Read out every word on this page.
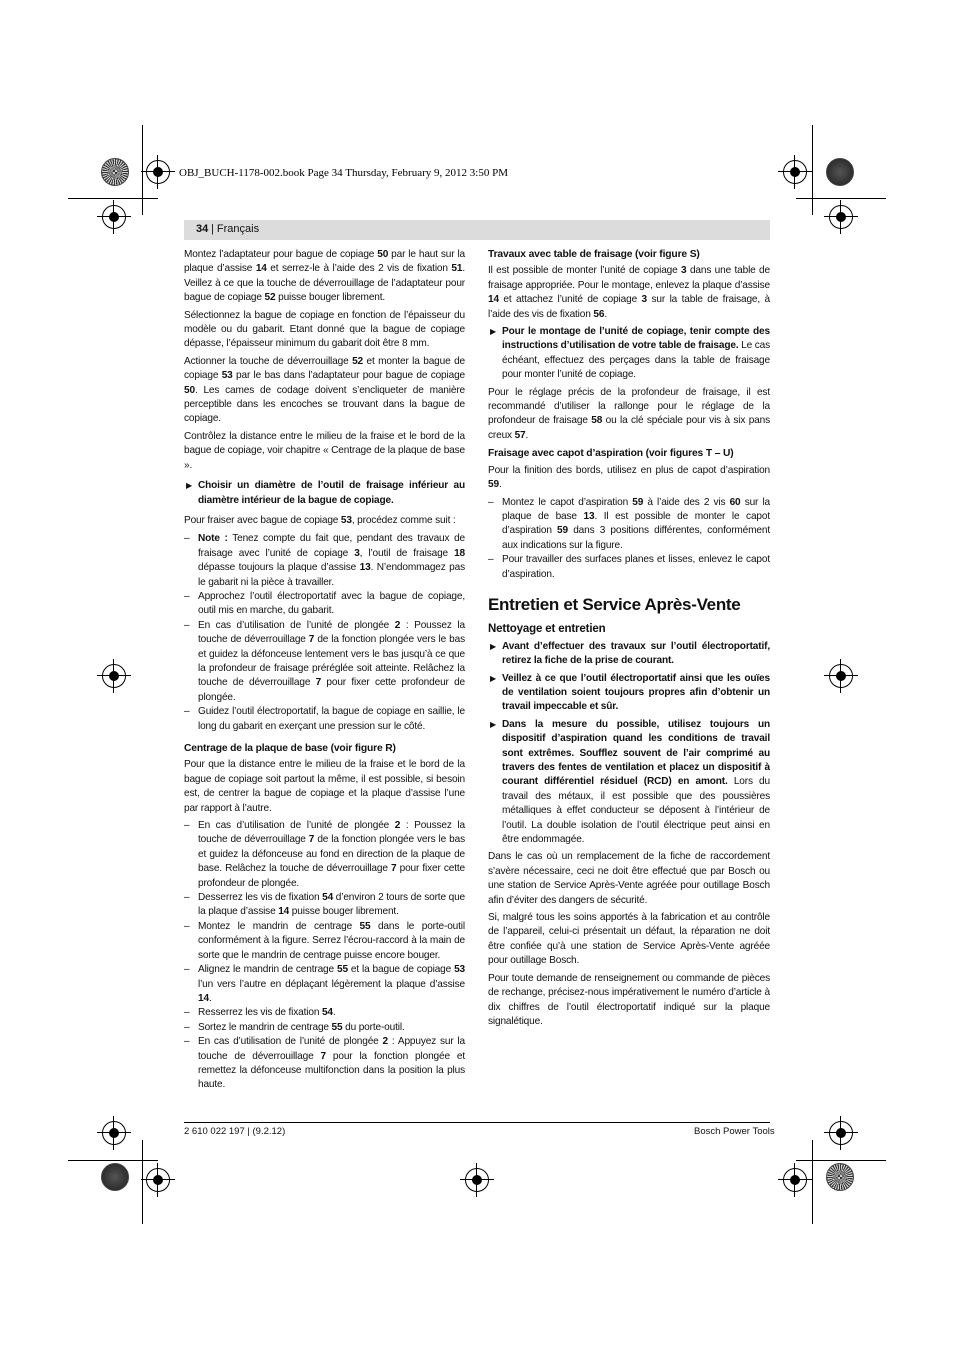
OBJ_BUCH-1178-002.book Page 34 Thursday, February 9, 2012 3:50 PM
34 | Français

Montez l’adaptateur pour bague de copiage 50 par le haut sur la plaque d’assise 14 et serrez-le à l’aide des 2 vis de fixation 51. Veillez à ce que la touche de déverrouillage de l’adaptateur pour bague de copiage 52 puisse bouger librement.

Sélectionnez la bague de copiage en fonction de l’épaisseur du modèle ou du gabarit. Etant donné que la bague de copiage dépasse, l’épaisseur minimum du gabarit doit être 8 mm.

Actionner la touche de déverrouillage 52 et monter la bague de copiage 53 par le bas dans l’adaptateur pour bague de copiage 50. Les cames de codage doivent s’encliqueter de manière perceptible dans les encoches se trouvant dans la bague de copiage.

Contrôlez la distance entre le milieu de la fraise et le bord de la bague de copiage, voir chapitre « Centrage de la plaque de base ».

▶ Choisir un diamètre de l’outil de fraisage inférieur au diamètre intérieur de la bague de copiage.

Pour fraiser avec bague de copiage 53, procédez comme suit :

– Note : Tenez compte du fait que, pendant des travaux de fraisage avec l’unité de copiage 3, l’outil de fraisage 18 dépasse toujours la plaque d’assise 13. N’endommagez pas le gabarit ni la pièce à travailler.
– Approchez l’outil électroportatif avec la bague de copiage, outil mis en marche, du gabarit.
– En cas d’utilisation de l’unité de plongée 2 : Poussez la touche de déverrouillage 7 de la fonction plongée vers le bas et guidez la défonceuse lentement vers le bas jusqu’à ce que la profondeur de fraisage préréglée soit atteinte. Relâchez la touche de déverrouillage 7 pour fixer cette profondeur de plongée.
– Guidez l’outil électroportatif, la bague de copiage en saillie, le long du gabarit en exerçant une pression sur le côté.
Centrage de la plaque de base (voir figure R)

Pour que la distance entre le milieu de la fraise et le bord de la bague de copiage soit partout la même, il est possible, si besoin est, de centrer la bague de copiage et la plaque d’assise l’une par rapport à l’autre.

– En cas d’utilisation de l’unité de plongée 2 : Poussez la touche de déverrouillage 7 de la fonction plongée vers le bas et guidez la défonceuse au fond en direction de la plaque de base. Relâchez la touche de déverrouillage 7 pour fixer cette profondeur de plongée.
– Desserrez les vis de fixation 54 d’environ 2 tours de sorte que la plaque d’assise 14 puisse bouger librement.
– Montez le mandrin de centrage 55 dans le porte-outil conformément à la figure. Serrez l’écrou-raccord à la main de sorte que le mandrin de centrage puisse encore bouger.
– Alignez le mandrin de centrage 55 et la bague de copiage 53 l’un vers l’autre en déplaçant légèrement la plaque d’assise 14.
– Resserrez les vis de fixation 54.
– Sortez le mandrin de centrage 55 du porte-outil.
– En cas d’utilisation de l’unité de plongée 2 : Appuyez sur la touche de déverrouillage 7 pour la fonction plongée et remettez la défonceuse multifonction dans la position la plus haute.
Travaux avec table de fraisage (voir figure S)

Il est possible de monter l’unité de copiage 3 dans une table de fraisage appropriée. Pour le montage, enlevez la plaque d’assise 14 et attachez l’unité de copiage 3 sur la table de fraisage, à l’aide des vis de fixation 56.

▶ Pour le montage de l’unité de copiage, tenir compte des instructions d’utilisation de votre table de fraisage. Le cas échéant, effectuez des perçages dans la table de fraisage pour monter l’unité de copiage.

Pour le réglage précis de la profondeur de fraisage, il est recommandé d’utiliser la rallonge pour le réglage de la profondeur de fraisage 58 ou la clé spéciale pour vis à six pans creux 57.

Fraisage avec capot d’aspiration (voir figures T – U)

Pour la finition des bords, utilisez en plus de capot d’aspiration 59.

– Montez le capot d’aspiration 59 à l’aide des 2 vis 60 sur la plaque de base 13. Il est possible de monter le capot d’aspiration 59 dans 3 positions différentes, conformément aux indications sur la figure.
– Pour travailler des surfaces planes et lisses, enlevez le capot d’aspiration.
Entretien et Service Après-Vente
Nettoyage et entretien
▶ Avant d’effectuer des travaux sur l’outil électroportatif, retirez la fiche de la prise de courant.
▶ Veillez à ce que l’outil électroportatif ainsi que les ouïes de ventilation soient toujours propres afin d’obtenir un travail impeccable et sûr.
▶ Dans la mesure du possible, utilisez toujours un dispositif d’aspiration quand les conditions de travail sont extrêmes. Soufflez souvent de l’air comprimé au travers des fentes de ventilation et placez un dispositif à courant différentiel résiduel (RCD) en amont. Lors du travail des métaux, il est possible que des poussières métalliques à effet conducteur se déposent à l’intérieur de l’outil. La double isolation de l’outil électrique peut ainsi en être endommagée.

Dans le cas où un remplacement de la fiche de raccordement s’avère nécessaire, ceci ne doit être effectué que par Bosch ou une station de Service Après-Vente agréée pour outillage Bosch afin d’éviter des dangers de sécurité.

Si, malgré tous les soins apportés à la fabrication et au contrôle de l’appareil, celui-ci présentait un défaut, la réparation ne doit être confiée qu’à une station de Service Après-Vente agréée pour outillage Bosch.

Pour toute demande de renseignement ou commande de pièces de rechange, précisez-nous impérativement le numéro d’article à dix chiffres de l’outil électroportatif indiqué sur la plaque signalétique.

2 610 022 197 | (9.2.12)	Bosch Power Tools
